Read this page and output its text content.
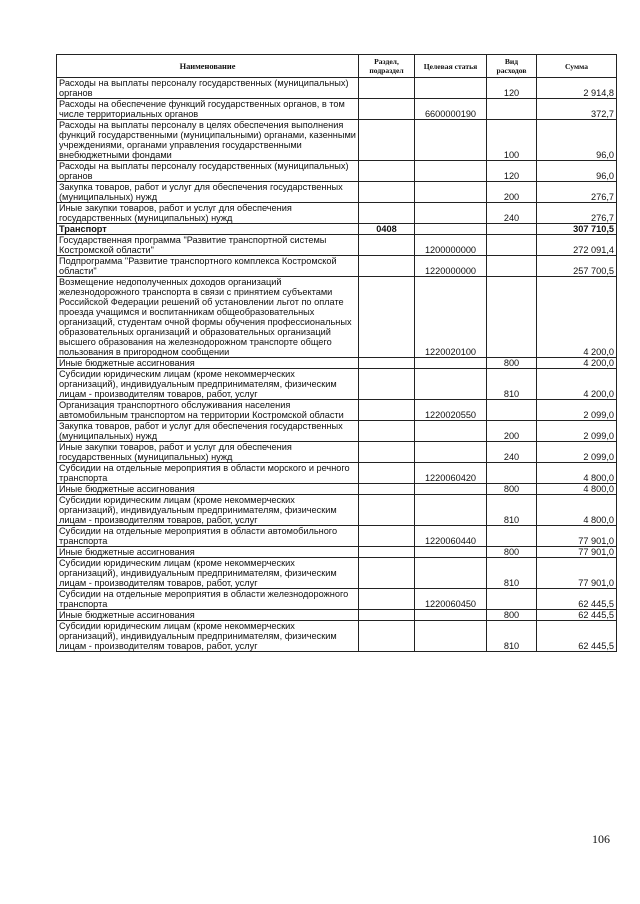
Наименование	Раздел, подраздел	Целевая статья	Вид расходов	Сумма
Расходы на выплаты персоналу государственных (муниципальных) органов			120	2 914,8
Расходы на обеспечение функций государственных органов, в том числе территориальных органов		6600000190		372,7
Расходы на выплаты персоналу в целях обеспечения выполнения функций государственными (муниципальными) органами, казенными учреждениями, органами управления государственными внебюджетными фондами			100	96,0
Расходы на выплаты персоналу государственных (муниципальных) органов			120	96,0
Закупка товаров, работ и услуг для обеспечения государственных (муниципальных) нужд			200	276,7
Иные закупки товаров, работ и услуг для обеспечения государственных (муниципальных) нужд			240	276,7
Транспорт	0408			307 710,5
Государственная программа "Развитие транспортной системы Костромской области"		1200000000		272 091,4
Подпрограмма "Развитие транспортного комплекса Костромской области"		1220000000		257 700,5
Возмещение недополученных доходов организаций железнодорожного транспорта в связи с принятием субъектами Российской Федерации решений об установлении льгот по оплате проезда учащимся и воспитанникам общеобразовательных организаций, студентам очной формы обучения профессиональных образовательных организаций и образовательных организаций высшего образования на железнодорожном транспорте общего пользования в пригородном сообщении		1220020100		4 200,0
Иные бюджетные ассигнования			800	4 200,0
Субсидии юридическим лицам (кроме некоммерческих организаций), индивидуальным предпринимателям, физическим лицам - производителям товаров, работ, услуг			810	4 200,0
Организация транспортного обслуживания населения автомобильным транспортом на территории Костромской области		1220020550		2 099,0
Закупка товаров, работ и услуг для обеспечения государственных (муниципальных) нужд			200	2 099,0
Иные закупки товаров, работ и услуг для обеспечения государственных (муниципальных) нужд			240	2 099,0
Субсидии на отдельные мероприятия в области морского и речного транспорта		1220060420		4 800,0
Иные бюджетные ассигнования			800	4 800,0
Субсидии юридическим лицам (кроме некоммерческих организаций), индивидуальным предпринимателям, физическим лицам - производителям товаров, работ, услуг			810	4 800,0
Субсидии на отдельные мероприятия в области автомобильного транспорта		1220060440		77 901,0
Иные бюджетные ассигнования			800	77 901,0
Субсидии юридическим лицам (кроме некоммерческих организаций), индивидуальным предпринимателям, физическим лицам - производителям товаров, работ, услуг			810	77 901,0
Субсидии на отдельные мероприятия в области железнодорожного транспорта		1220060450		62 445,5
Иные бюджетные ассигнования			800	62 445,5
Субсидии юридическим лицам (кроме некоммерческих организаций), индивидуальным предпринимателям, физическим лицам - производителям товаров, работ, услуг			810	62 445,5
106
